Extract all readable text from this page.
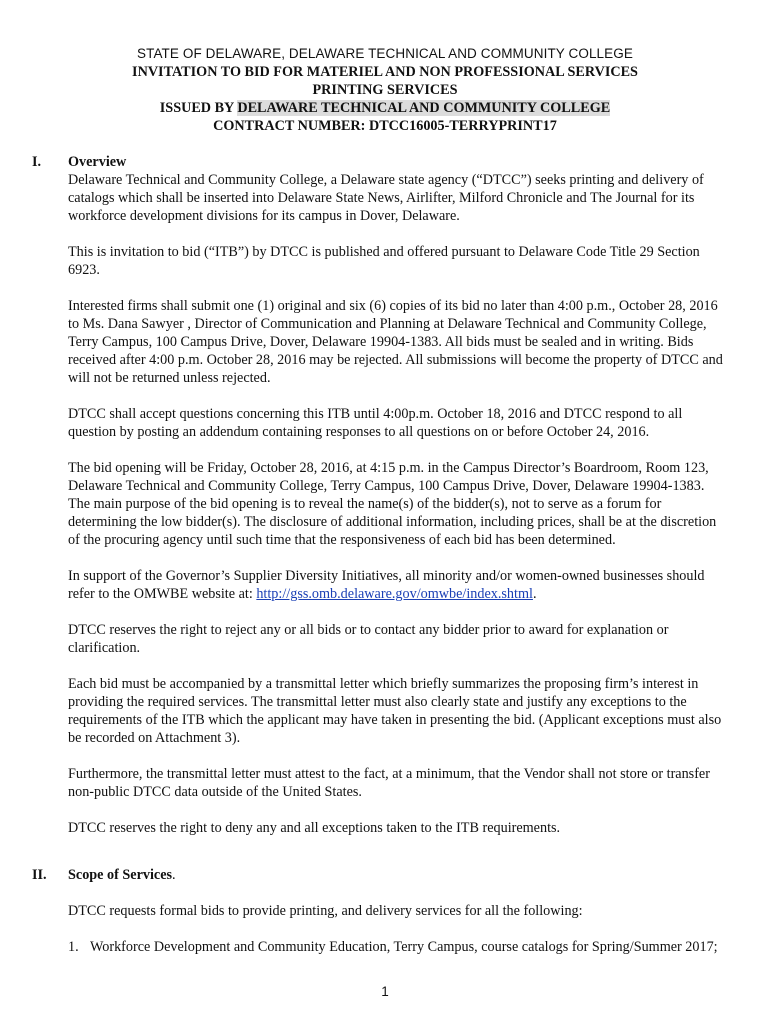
STATE OF DELAWARE, DELAWARE TECHNICAL AND COMMUNITY COLLEGE
INVITATION TO BID FOR MATERIEL AND NON PROFESSIONAL SERVICES
PRINTING SERVICES
ISSUED BY DELAWARE TECHNICAL AND COMMUNITY COLLEGE
CONTRACT NUMBER: DTCC16005-TERRYPRINT17
I. Overview

Delaware Technical and Community College, a Delaware state agency (“DTCC”) seeks printing and delivery of catalogs which shall be inserted into Delaware State News, Airlifter, Milford Chronicle and The Journal for its workforce development divisions for its campus in Dover, Delaware.

This is invitation to bid (“ITB”) by DTCC is published and offered pursuant to Delaware Code Title 29 Section 6923.

Interested firms shall submit one (1) original and six (6) copies of its bid no later than 4:00 p.m., October 28, 2016 to Ms. Dana Sawyer , Director of Communication and Planning at Delaware Technical and Community College, Terry Campus, 100 Campus Drive, Dover, Delaware 19904-1383. All bids must be sealed and in writing. Bids received after 4:00 p.m. October 28, 2016 may be rejected. All submissions will become the property of DTCC and will not be returned unless rejected.

DTCC shall accept questions concerning this ITB until 4:00p.m. October 18, 2016 and DTCC respond to all question by posting an addendum containing responses to all questions on or before October 24, 2016.

The bid opening will be Friday, October 28, 2016, at 4:15 p.m. in the Campus Director’s Boardroom, Room 123, Delaware Technical and Community College, Terry Campus, 100 Campus Drive, Dover, Delaware 19904-1383. The main purpose of the bid opening is to reveal the name(s) of the bidder(s), not to serve as a forum for determining the low bidder(s). The disclosure of additional information, including prices, shall be at the discretion of the procuring agency until such time that the responsiveness of each bid has been determined.

In support of the Governor’s Supplier Diversity Initiatives, all minority and/or women-owned businesses should refer to the OMWBE website at: http://gss.omb.delaware.gov/omwbe/index.shtml.

DTCC reserves the right to reject any or all bids or to contact any bidder prior to award for explanation or clarification.

Each bid must be accompanied by a transmittal letter which briefly summarizes the proposing firm’s interest in providing the required services. The transmittal letter must also clearly state and justify any exceptions to the requirements of the ITB which the applicant may have taken in presenting the bid. (Applicant exceptions must also be recorded on Attachment 3).

Furthermore, the transmittal letter must attest to the fact, at a minimum, that the Vendor shall not store or transfer non-public DTCC data outside of the United States.

DTCC reserves the right to deny any and all exceptions taken to the ITB requirements.

II. Scope of Services.

DTCC requests formal bids to provide printing, and delivery services for all the following:

1. Workforce Development and Community Education, Terry Campus, course catalogs for Spring/Summer 2017;
1
